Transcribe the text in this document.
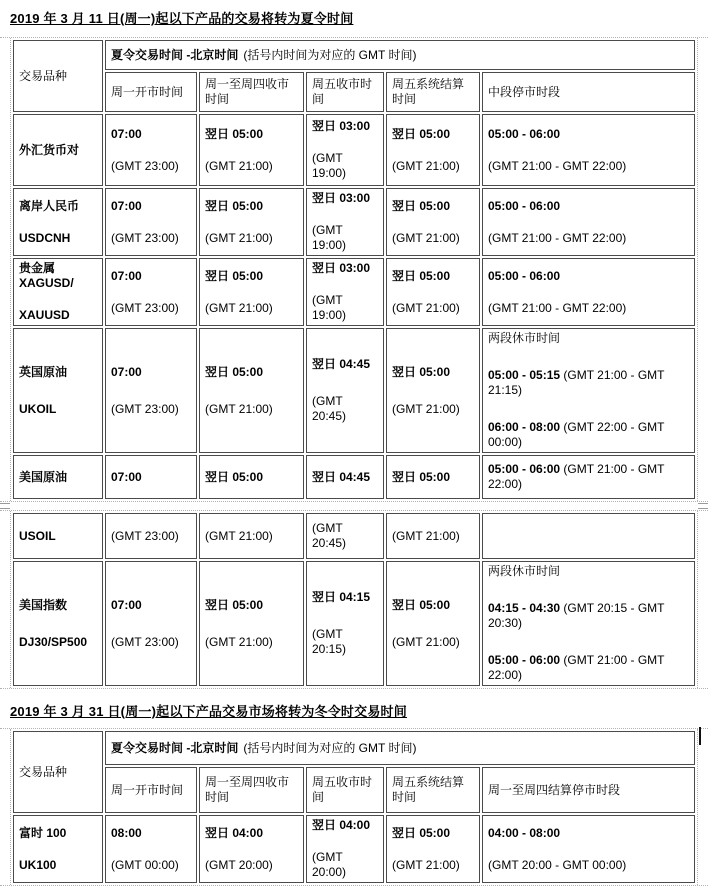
2019 年 3 月 11 日(周一)起以下产品的交易将转为夏令时间
交易品种	夏令交易时间 -北京时间 (括号内时间为对应的 GMT 时间)				

	周一开市时间	周一至周四收市时间	周五收市时间	周五系统结算时间	中段停市时段

外汇货币对

07:00
(GMT 23:00)

翌日 05:00
(GMT 21:00)

翌日 03:00
(GMT 19:00)

翌日 05:00
(GMT 21:00)

05:00 - 06:00
(GMT 21:00 - GMT 22:00)

离岸人民币
USDCNH

07:00
(GMT 23:00)

翌日 05:00
(GMT 21:00)

翌日 03:00
(GMT 19:00)

翌日 05:00
(GMT 21:00)

05:00 - 06:00
(GMT 21:00 - GMT 22:00)

贵金属 XAGUSD/
XAUUSD

07:00
(GMT 23:00)

翌日 05:00
(GMT 21:00)

翌日 03:00
(GMT 19:00)

翌日 05:00
(GMT 21:00)

05:00 - 06:00
(GMT 21:00 - GMT 22:00)

英国原油
UKOIL

07:00
(GMT 23:00)

翌日 05:00
(GMT 21:00)

翌日 04:45
(GMT 20:45)

翌日 05:00
(GMT 21:00)

两段休市时间
05:00 - 05:15 (GMT 21:00 - GMT 21:15)
06:00 - 08:00 (GMT 22:00 - GMT 00:00)

美国原油	07:00	翌日 05:00	翌日 04:45	翌日 05:00	05:00 - 06:00 (GMT 21:00 - GMT 22:00)
USOIL	(GMT 23:00)	(GMT 21:00)	(GMT 20:45)	(GMT 21:00)	

美国指数
DJ30/SP500

07:00
(GMT 23:00)

翌日 05:00
(GMT 21:00)

翌日 04:15
(GMT 20:15)

翌日 05:00
(GMT 21:00)

两段休市时间
04:15 - 04:30 (GMT 20:15 - GMT 20:30)
05:00 - 06:00 (GMT 21:00 - GMT 22:00)
2019 年 3 月 31 日(周一)起以下产品交易市场将转为冬令时交易时间
交易品种	夏令交易时间 -北京时间 (括号内时间为对应的 GMT 时间)				

	周一开市时间	周一至周四收市时间	周五收市时间	周五系统结算时间	周一至周四结算停市时段

富时 100
UK100

08:00
(GMT 00:00)

翌日 04:00
(GMT 20:00)

翌日 04:00
(GMT 20:00)

翌日 05:00
(GMT 21:00)

04:00 - 08:00
(GMT 20:00 - GMT 00:00)
